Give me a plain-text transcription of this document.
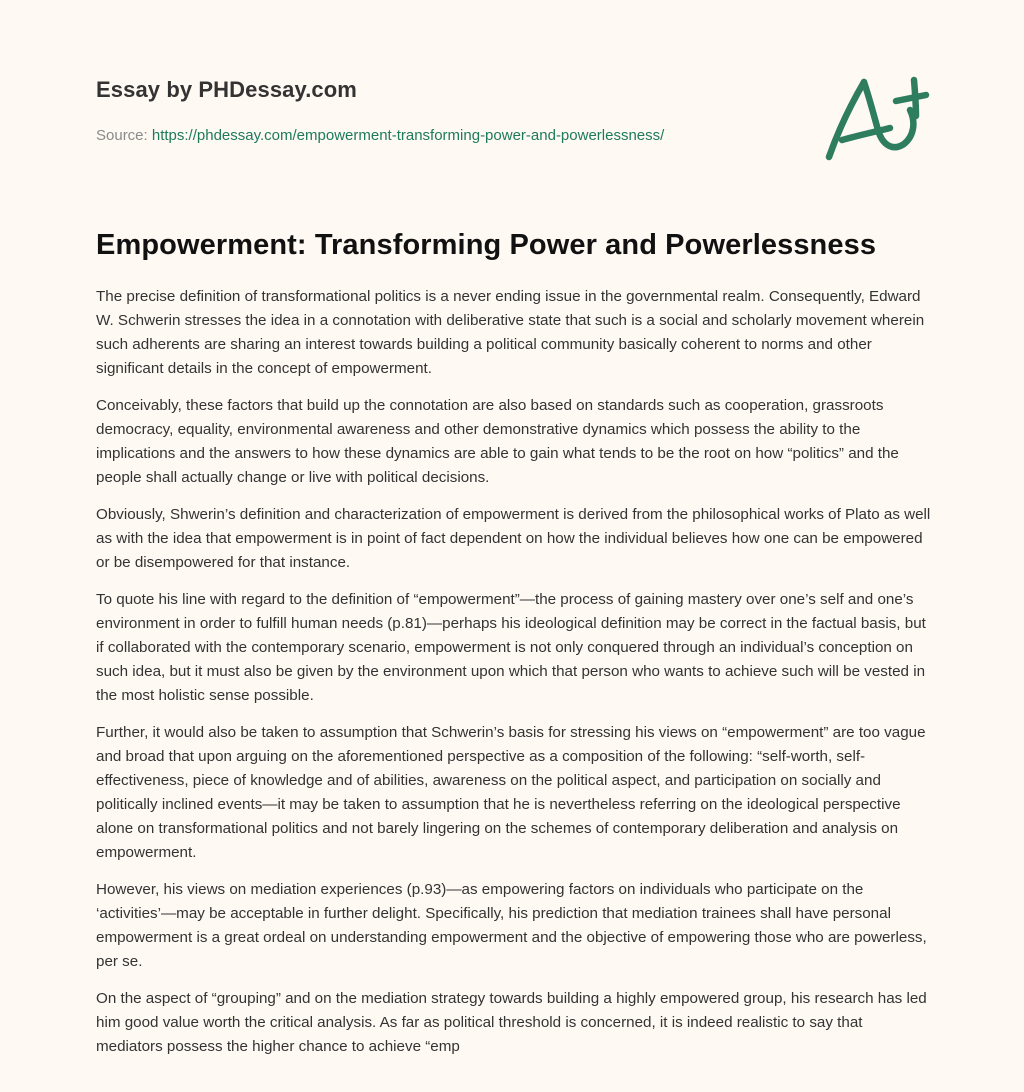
Essay by PHDessay.com
Source: https://phdessay.com/empowerment-transforming-power-and-powerlessness/
Empowerment: Transforming Power and Powerlessness

The precise definition of transformational politics is a never ending issue in the governmental realm. Consequently, Edward W. Schwerin stresses the idea in a connotation with deliberative state that such is a social and scholarly movement wherein such adherents are sharing an interest towards building a political community basically coherent to norms and other significant details in the concept of empowerment.

Conceivably, these factors that build up the connotation are also based on standards such as cooperation, grassroots democracy, equality, environmental awareness and other demonstrative dynamics which possess the ability to the implications and the answers to how these dynamics are able to gain what tends to be the root on how “politics” and the people shall actually change or live with political decisions.

Obviously, Shwerin’s definition and characterization of empowerment is derived from the philosophical works of Plato as well as with the idea that empowerment is in point of fact dependent on how the individual believes how one can be empowered or be disempowered for that instance.

To quote his line with regard to the definition of “empowerment”—the process of gaining mastery over one’s self and one’s environment in order to fulfill human needs (p.81)—perhaps his ideological definition may be correct in the factual basis, but if collaborated with the contemporary scenario, empowerment is not only conquered through an individual’s conception on such idea, but it must also be given by the environment upon which that person who wants to achieve such will be vested in the most holistic sense possible.

Further, it would also be taken to assumption that Schwerin’s basis for stressing his views on “empowerment” are too vague and broad that upon arguing on the aforementioned perspective as a composition of the following: “self-worth, self-effectiveness, piece of knowledge and of abilities, awareness on the political aspect, and participation on socially and politically inclined events—it may be taken to assumption that he is nevertheless referring on the ideological perspective alone on transformational politics and not barely lingering on the schemes of contemporary deliberation and analysis on empowerment.

However, his views on mediation experiences (p.93)—as empowering factors on individuals who participate on the ‘activities’—may be acceptable in further delight. Specifically, his prediction that mediation trainees shall have personal empowerment is a great ordeal on understanding empowerment and the objective of empowering those who are powerless, per se.

On the aspect of “grouping” and on the mediation strategy towards building a highly empowered group, his research has led him good value worth the critical analysis. As far as political threshold is concerned, it is indeed realistic to say that mediators possess the higher chance to achieve “emp
